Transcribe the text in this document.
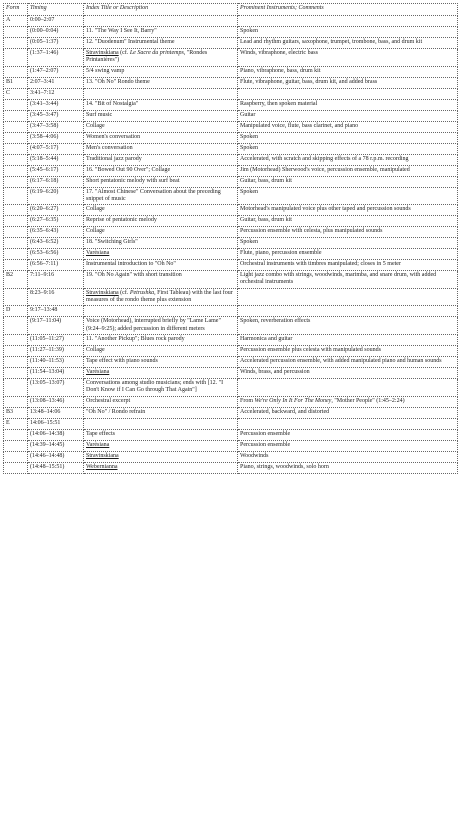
Form	Timing	Index Title or Description	Prominent Instruments; Comments
A	0:00–2:07		
	(0:00–0:04)	11. "The Way I See It, Barry"	Spoken
	(0:05–1:37)	12. "Duodenum" Instrumental theme	Lead and rhythm guitars, saxophone, trumpet, trombone, bass, and drum kit
	(1:37–1:46)	Stravinskiana (cf. Le Sacre du printemps, "Rondes Printanières")	Winds, vibraphone, electric bass
	(1:47–2:07)	5/4 swing vamp	Piano, vibraphone, bass, drum kit
B1	2:07–3:41	13. "Oh No" Rondo theme	Flute, vibraphone, guitar, bass, drum kit, and added brass
C	3:41–7:12		
	(3:41–3:44)	14. "Bit of Nostalgia"	Raspberry, then spoken material
	(3:45–3:47)	Surf music	Guitar
	(3:47–3:58)	Collage	Manipulated voice, flute, bass clarinet, and piano
	(3:58–4:06)	Women's conversation	Spoken
	(4:07–5:17)	Men's conversation	Spoken
	(5:18–5:44)	Traditional jazz parody	Accelerated, with scratch and skipping effects of a 78 r.p.m. recording
	(5:45–6:17)	16. "Bowed Out 90 Over"; Collage	Jim (Motorhead) Sherwood's voice, percussion ensemble, manipulated
	(6:17–6:18)	Short pentatonic melody with surf beat	Guitar, bass, drum kit
	(6:19–6:20)	17. "Almost Chinese" Conversation about the preceding snippet of music	Spoken
	(6:20–6:27)	Collage	Motorhead's manipulated voice plus other taped and percussion sounds
	(6:27–6:35)	Reprise of pentatonic melody	Guitar, bass, drum kit
	(6:35–6:43)	Collage	Percussion ensemble with celesta, plus manipulated sounds
	(6:43–6:52)	18. "Switching Girls"	Spoken
	(6:53–6:56)	Varèsiana	Flute, piano, percussion ensemble
	(6:56–7:11)	Instrumental introduction to "Oh No"	Orchestral instruments with timbres manipulated; closes in 5 meter
B2	7:11–9:16	19. "Oh No Again" with short transition	Light jazz combo with strings, woodwinds, marimba, and snare drum, with added orchestral instruments
	8:23–9:16	Stravinskiana (cf. Petrushka, First Tableau) with the last four measures of the rondo theme plus extension	
D	9:17–13:48		
	(9:17–11:04)	Voice (Motorhead), interrupted briefly by "Lame Lame" (9:24–9:25); added percussion in different meters	Spoken, reverberation effects
	(11:05–11:27)	11. "Another Pickup"; Blues rock parody	Harmonica and guitar
	(11:27–11:39)	Collage	Percussion ensemble plus celesta with manipulated sounds
	(11:40–11:53)	Tape effect with piano sounds	Accelerated percussion ensemble, with added manipulated piano and human sounds
	(11:54–13:04)	Varèsiana	Winds, brass, and percussion
	(13:05–13:07)	Conversations among studio musicians; ends with [12. "I Don't Know if I Can Go through That Again"]	
	(13:08–13:46)	Orchestral excerpt	From We're Only In It For The Money, "Mother People" (1:45–2:24)
B3	13:48–14:06	"Oh No" / Rondo refrain	Accelerated, backward, and distorted
E	14:06–15:51		
	(14:06–14:38)	Tape effects	Percussion ensemble
	(14:39–14:45)	Varèsiana	Percussion ensemble
	(14:46–14:48)	Stravinskiana	Woodwinds
	(14:48–15:51)	Webernianna	Piano, strings, woodwinds, solo horn
